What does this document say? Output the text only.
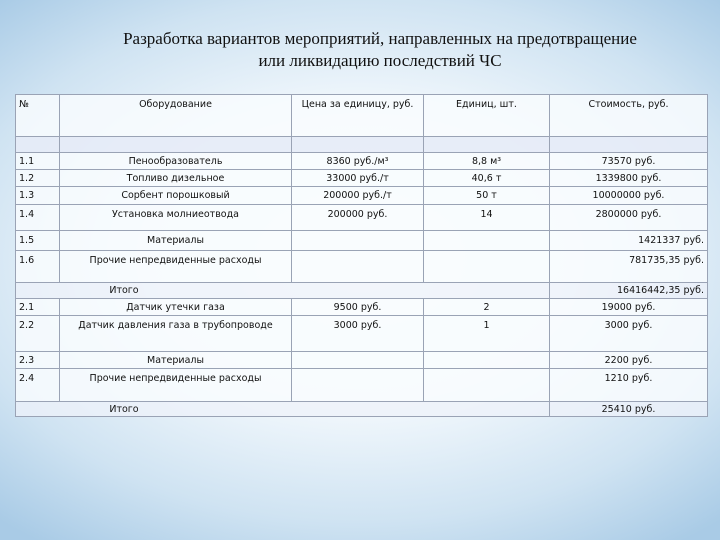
Разработка вариантов мероприятий, направленных на предотвращение
или ликвидацию последствий ЧС
№	Оборудование	Цена за единицу, руб.	Единиц, шт.	Стоимость, руб.

1.1	Пенообразователь	8360 руб./м³	8,8 м³	73570 руб.
1.2	Топливо дизельное	33000 руб./т	40,6 т	1339800 руб.
1.3	Сорбент порошковый	200000 руб./т	50 т	10000000 руб.
1.4	Установка молниеотвода	200000 руб.	14	2800000 руб.
1.5	Материалы			1421337 руб.
1.6	Прочие непредвиденные расходы			781735,35 руб.
Итого				16416442,35 руб.
2.1	Датчик утечки газа	9500 руб.	2	19000 руб.
2.2	Датчик давления газа в трубопроводе	3000 руб.	1	3000 руб.
2.3	Материалы			2200 руб.
2.4	Прочие непредвиденные расходы			1210 руб.
Итого				25410 руб.
